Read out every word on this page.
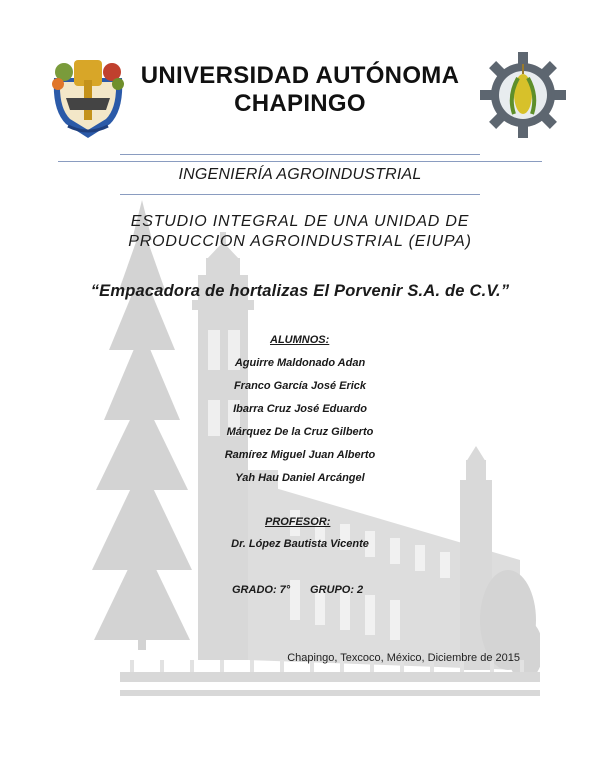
UNIVERSIDAD AUTÓNOMA
CHAPINGO
INGENIERÍA AGROINDUSTRIAL
ESTUDIO INTEGRAL DE UNA UNIDAD DE
PRODUCCION AGROINDUSTRIAL (EIUPA)
“Empacadora de hortalizas El Porvenir S.A. de C.V.”
ALUMNOS:
Aguirre Maldonado Adan
Franco García José Erick
Ibarra Cruz José Eduardo
Márquez De la Cruz Gilberto
Ramírez Miguel Juan Alberto
Yah Hau Daniel Arcángel
PROFESOR:
Dr. López Bautista Vicente
GRADO: 7° GRUPO: 2
Chapingo, Texcoco, México, Diciembre de 2015
